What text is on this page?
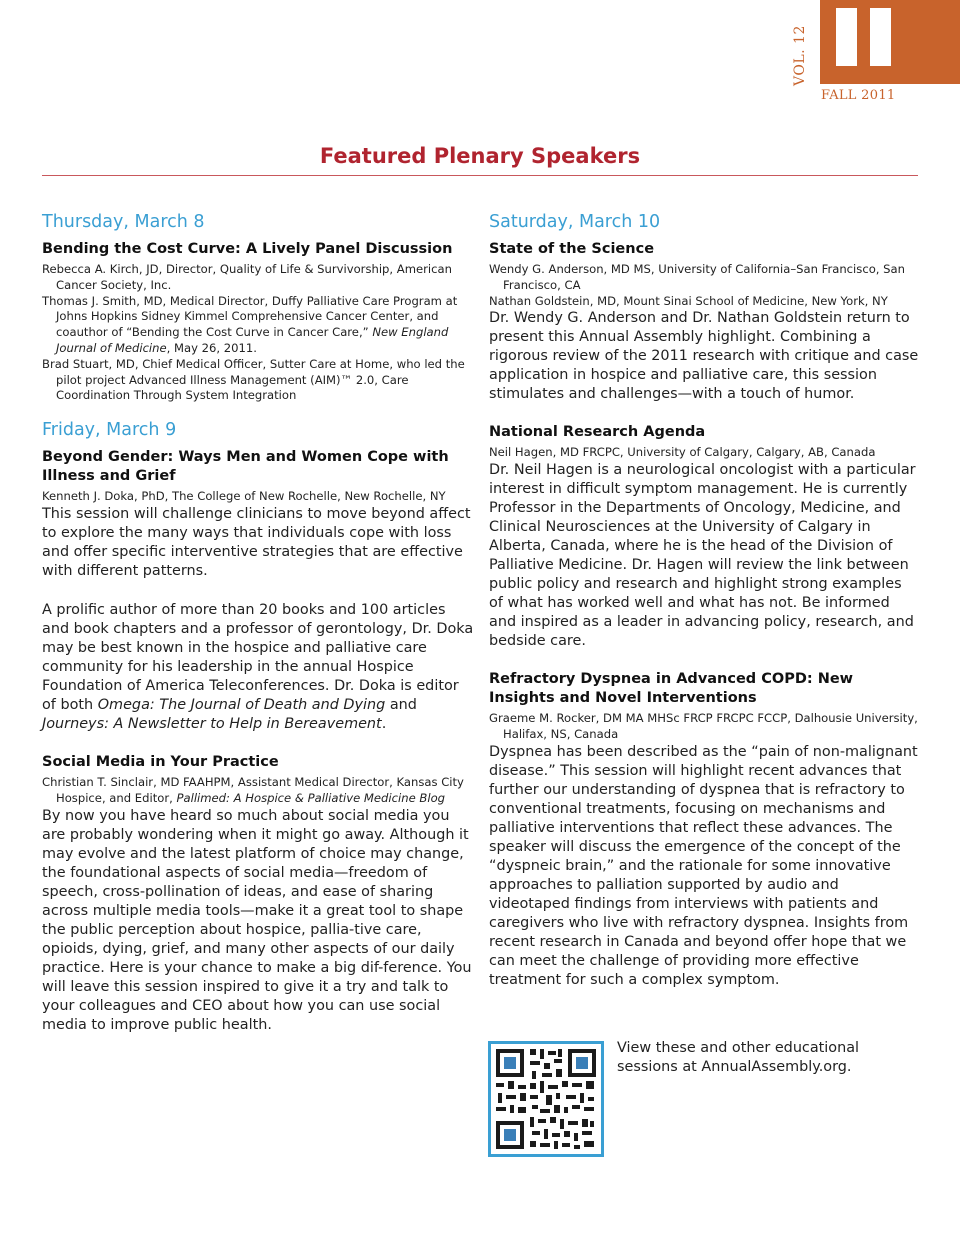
VOL. 12
FALL 2011
Featured Plenary Speakers
Thursday, March 8
Bending the Cost Curve: A Lively Panel Discussion

Rebecca A. Kirch, JD, Director, Quality of Life & Survivorship, American Cancer Society, Inc.

Thomas J. Smith, MD, Medical Director, Duffy Palliative Care Program at Johns Hopkins Sidney Kimmel Comprehensive Cancer Center, and coauthor of “Bending the Cost Curve in Cancer Care,” New England Journal of Medicine, May 26, 2011.

Brad Stuart, MD, Chief Medical Officer, Sutter Care at Home, who led the pilot project Advanced Illness Management (AIM)™ 2.0, Care Coordination Through System Integration

Friday, March 9
Beyond Gender: Ways Men and Women Cope with Illness and Grief

Kenneth J. Doka, PhD, The College of New Rochelle, New Rochelle, NY

This session will challenge clinicians to move beyond affect to explore the many ways that individuals cope with loss and offer specific interventive strategies that are effective with different patterns.

A prolific author of more than 20 books and 100 articles and book chapters and a professor of gerontology, Dr. Doka may be best known in the hospice and palliative care community for his leadership in the annual Hospice Foundation of America Teleconferences. Dr. Doka is editor of both Omega: The Journal of Death and Dying and Journeys: A Newsletter to Help in Bereavement.

Social Media in Your Practice

Christian T. Sinclair, MD FAAHPM, Assistant Medical Director, Kansas City Hospice, and Editor, Pallimed: A Hospice & Palliative Medicine Blog

By now you have heard so much about social media you are probably wondering when it might go away. Although it may evolve and the latest platform of choice may change, the foundational aspects of social media—freedom of speech, cross-pollination of ideas, and ease of sharing across multiple media tools—make it a great tool to shape the public perception about hospice, pallia-tive care, opioids, dying, grief, and many other aspects of our daily practice. Here is your chance to make a big dif-ference. You will leave this session inspired to give it a try and talk to your colleagues and CEO about how you can use social media to improve public health.

Saturday, March 10
State of the Science

Wendy G. Anderson, MD MS, University of California–San Francisco, San Francisco, CA

Nathan Goldstein, MD, Mount Sinai School of Medicine, New York, NY

Dr. Wendy G. Anderson and Dr. Nathan Goldstein return to present this Annual Assembly highlight. Combining a rigorous review of the 2011 research with critique and case application in hospice and palliative care, this session stimulates and challenges—with a touch of humor.

National Research Agenda

Neil Hagen, MD FRCPC, University of Calgary, Calgary, AB, Canada

Dr. Neil Hagen is a neurological oncologist with a particular interest in difficult symptom management. He is currently Professor in the Departments of Oncology, Medicine, and Clinical Neurosciences at the University of Calgary in Alberta, Canada, where he is the head of the Division of Palliative Medicine. Dr. Hagen will review the link between public policy and research and highlight strong examples of what has worked well and what has not. Be informed and inspired as a leader in advancing policy, research, and bedside care.

Refractory Dyspnea in Advanced COPD: New Insights and Novel Interventions

Graeme M. Rocker, DM MA MHSc FRCP FRCPC FCCP, Dalhousie University, Halifax, NS, Canada

Dyspnea has been described as the “pain of non-malignant disease.” This session will highlight recent advances that further our understanding of dyspnea that is refractory to conventional treatments, focusing on mechanisms and palliative interventions that reflect these advances. The speaker will discuss the emergence of the concept of the “dyspneic brain,” and the rationale for some innovative approaches to palliation supported by audio and videotaped findings from interviews with patients and caregivers who live with refractory dyspnea. Insights from recent research in Canada and beyond offer hope that we can meet the challenge of providing more effective treatment for such a complex symptom.

View these and other educational sessions at AnnualAssembly.org.
